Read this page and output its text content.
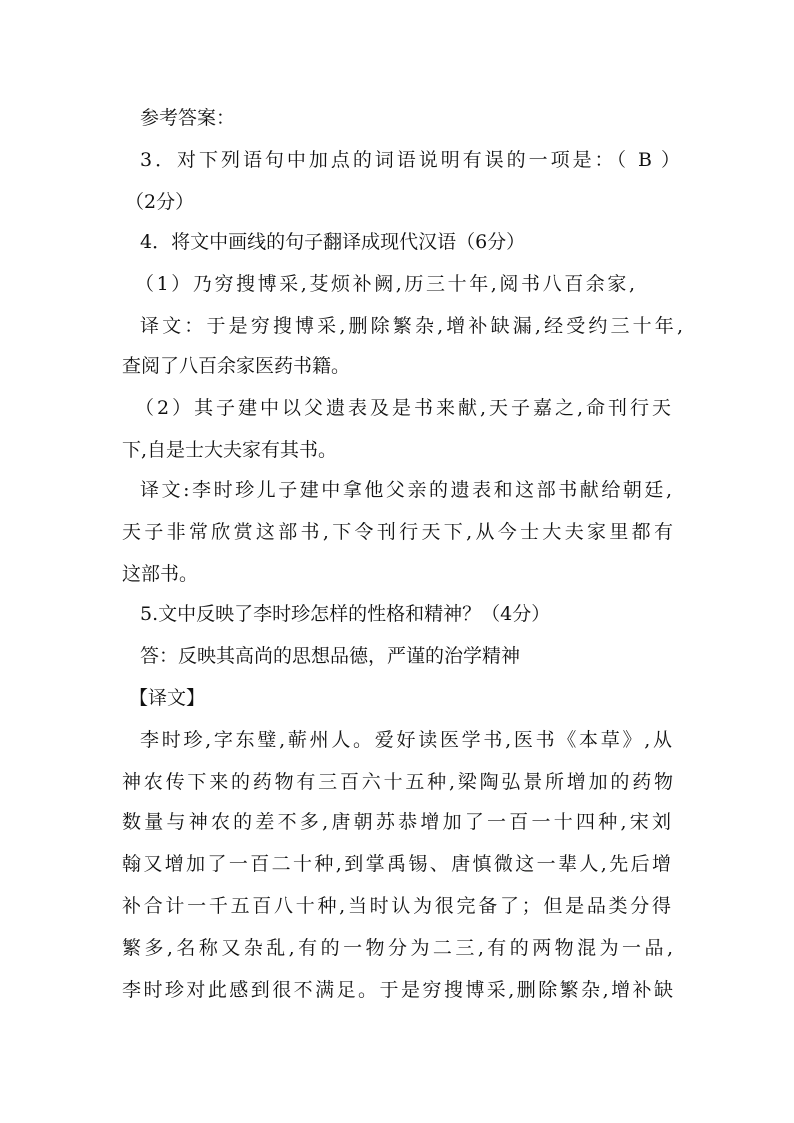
参考答案：
3．对下列语句中加点的词语说明有误的一项是：（ B ）
（2分）
4．将文中画线的句子翻译成现代汉语（6分）
（1）乃穷搜博采,芟烦补阙,历三十年,阅书八百余家,
译文：于是穷搜博采,删除繁杂,增补缺漏,经受约三十年,
查阅了八百余家医药书籍。
（2）其子建中以父遗表及是书来献,天子嘉之,命刊行天
下,自是士大夫家有其书。
译文:李时珍儿子建中拿他父亲的遗表和这部书献给朝廷,
天子非常欣赏这部书,下令刊行天下,从今士大夫家里都有
这部书。
5.文中反映了李时珍怎样的性格和精神？（4分）
答：反映其高尚的思想品德，严谨的治学精神
【译文】
李时珍,字东璧,蕲州人。爱好读医学书,医书《本草》,从
神农传下来的药物有三百六十五种,梁陶弘景所增加的药物
数量与神农的差不多,唐朝苏恭增加了一百一十四种,宋刘
翰又增加了一百二十种,到掌禹锡、唐慎微这一辈人,先后增
补合计一千五百八十种,当时认为很完备了；但是品类分得
繁多,名称又杂乱,有的一物分为二三,有的两物混为一品,
李时珍对此感到很不满足。于是穷搜博采,删除繁杂,增补缺
